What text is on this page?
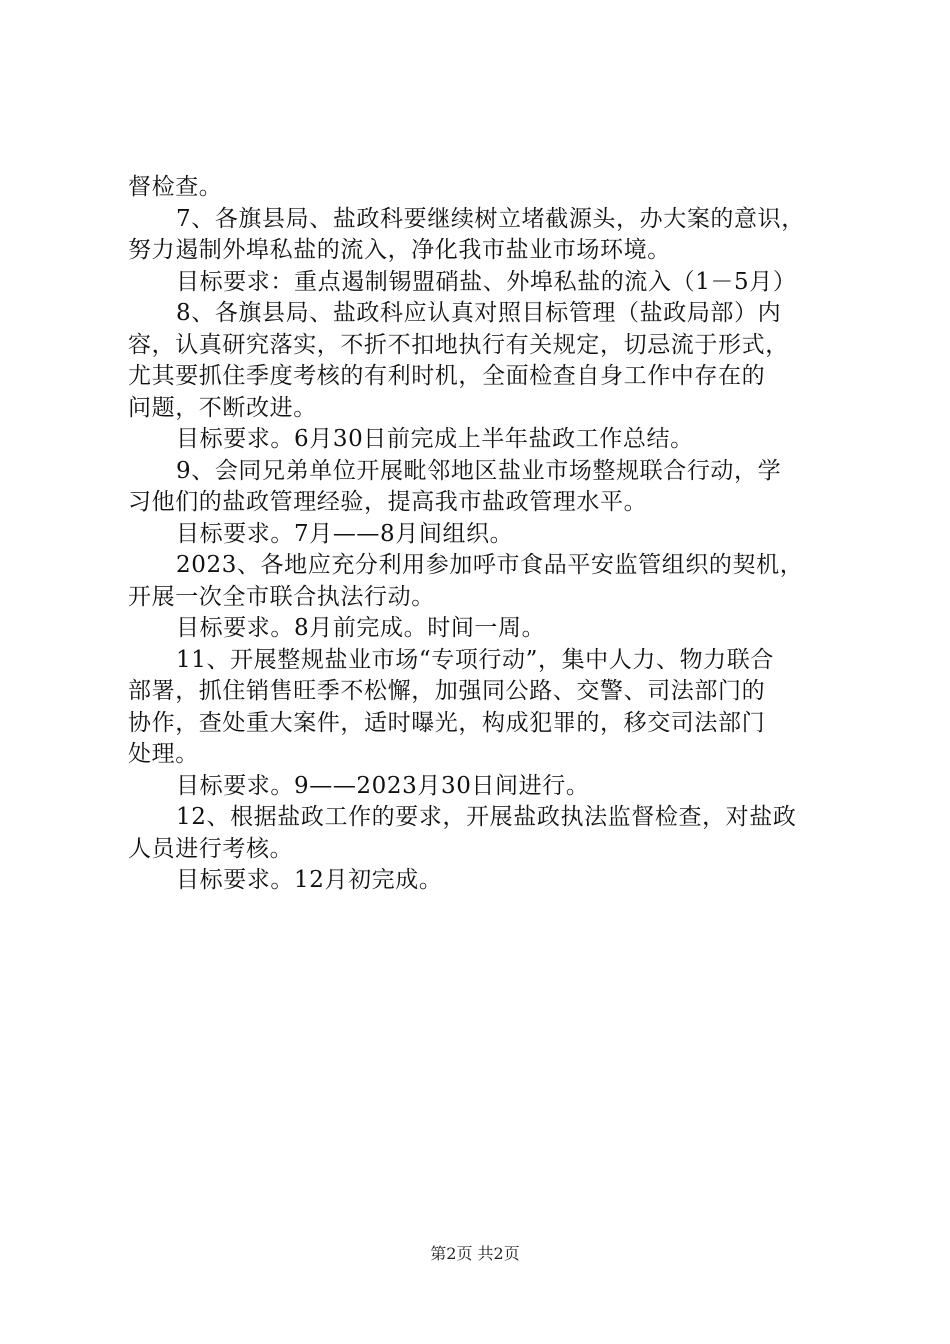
督检查。
7、各旗县局、盐政科要继续树立堵截源头，办大案的意识，
努力遏制外埠私盐的流入，净化我市盐业市场环境。
目标要求：重点遏制锡盟硝盐、外埠私盐的流入（1－5月）
8、各旗县局、盐政科应认真对照目标管理（盐政局部）内
容，认真研究落实，不折不扣地执行有关规定，切忌流于形式，
尤其要抓住季度考核的有利时机，全面检查自身工作中存在的
问题，不断改进。
目标要求。6月30日前完成上半年盐政工作总结。
9、会同兄弟单位开展毗邻地区盐业市场整规联合行动，学
习他们的盐政管理经验，提高我市盐政管理水平。
目标要求。7月——8月间组织。
2023、各地应充分利用参加呼市食品平安监管组织的契机，
开展一次全市联合执法行动。
目标要求。8月前完成。时间一周。
11、开展整规盐业市场“专项行动”，集中人力、物力联合
部署，抓住销售旺季不松懈，加强同公路、交警、司法部门的
协作，查处重大案件，适时曝光，构成犯罪的，移交司法部门
处理。
目标要求。9——2023月30日间进行。
12、根据盐政工作的要求，开展盐政执法监督检查，对盐政
人员进行考核。
目标要求。12月初完成。
第2页 共2页
